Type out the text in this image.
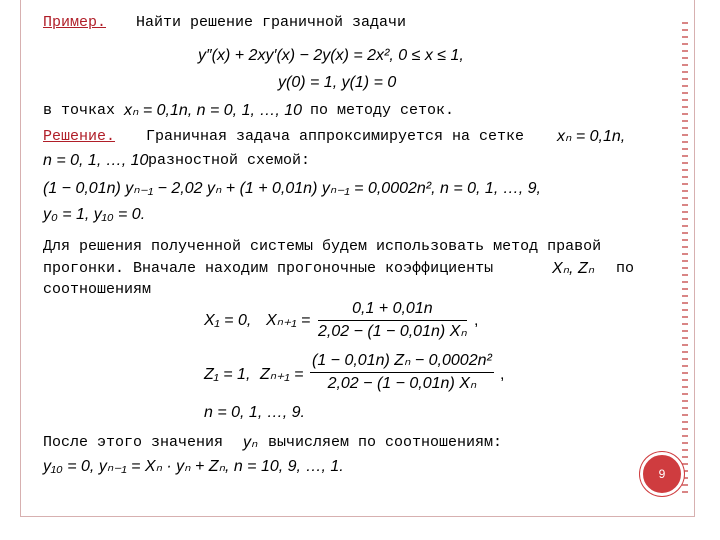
Пример. Найти решение граничной задачи
y″(x) + 2xy′(x) − 2y(x) = 2x², 0 ≤ x ≤ 1,
y(0) = 1, y(1) = 0
в точках xₙ = 0,1n, n = 0, 1, …, 10 по методу сеток.
Решение. Граничная задача аппроксимируется на сетке xₙ = 0,1n,
n = 0, 1, …, 10 разностной схемой:
(1 − 0,01n) yₙ₋₁ − 2,02 yₙ + (1 + 0,01n) yₙ₋₁ = 0,0002n², n = 0, 1, …, 9,
y₀ = 1, y₁₀ = 0.
Для решения полученной системы будем использовать метод правой
прогонки. Вначале находим прогоночные коэффициенты	Xₙ, Zₙ по
соотношениям
X₁ = 0, $X_{n+1} = \frac{0,1 + 0,01n}{\text{2,02 − (1 − 0,01n) Xₙ}}$ ,
Z₁ = 1, $Z_{n+1} = \frac{\text{(1 − 0,01n) Zₙ − 0,0002n²}}{\text{2,02 − (1 − 0,01n) Xₙ}}$ ,
n = 0, 1, …, 9.
После этого значения yₙ вычисляем по соотношениям:
y₁₀ = 0, yₙ₋₁ = Xₙ · yₙ + Zₙ, n = 10, 9, …, 1.	9
